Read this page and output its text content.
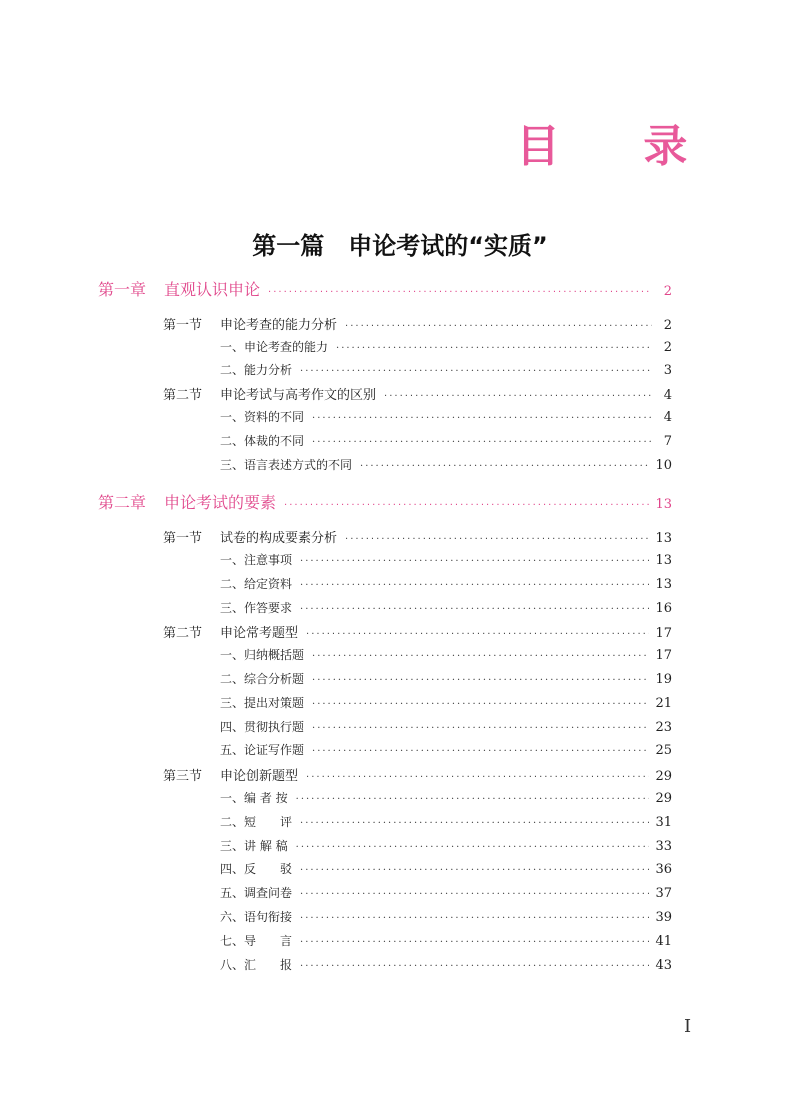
目 录
第一篇 申论考试的“实质”
第一章 直观认识申论 ·····	2
第一节 申论考查的能力分析 ·····	2
一、申论考查的能力 ·····	2
二、能力分析 ·····	3
第二节 申论考试与高考作文的区别 ·····	4
一、资料的不同 ·····	4
二、体裁的不同 ·····	7
三、语言表述方式的不同 ·····	10
第二章 申论考试的要素 ·····	13
第一节 试卷的构成要素分析 ·····	13
一、注意事项 ·····	13
二、给定资料 ·····	13
三、作答要求 ·····	16
第二节 申论常考题型 ·····	17
一、归纳概括题 ·····	17
二、综合分析题 ·····	19
三、提出对策题 ·····	21
四、贯彻执行题 ·····	23
五、论证写作题 ·····	25
第三节 申论创新题型 ·····	29
一、编 者 按 ·····	29
二、短　　评 ·····	31
三、讲 解 稿 ·····	33
四、反　　驳 ·····	36
五、调查问卷 ·····	37
六、语句衔接 ·····	39
七、导　　言 ·····	41
八、汇　　报 ·····	43
I
